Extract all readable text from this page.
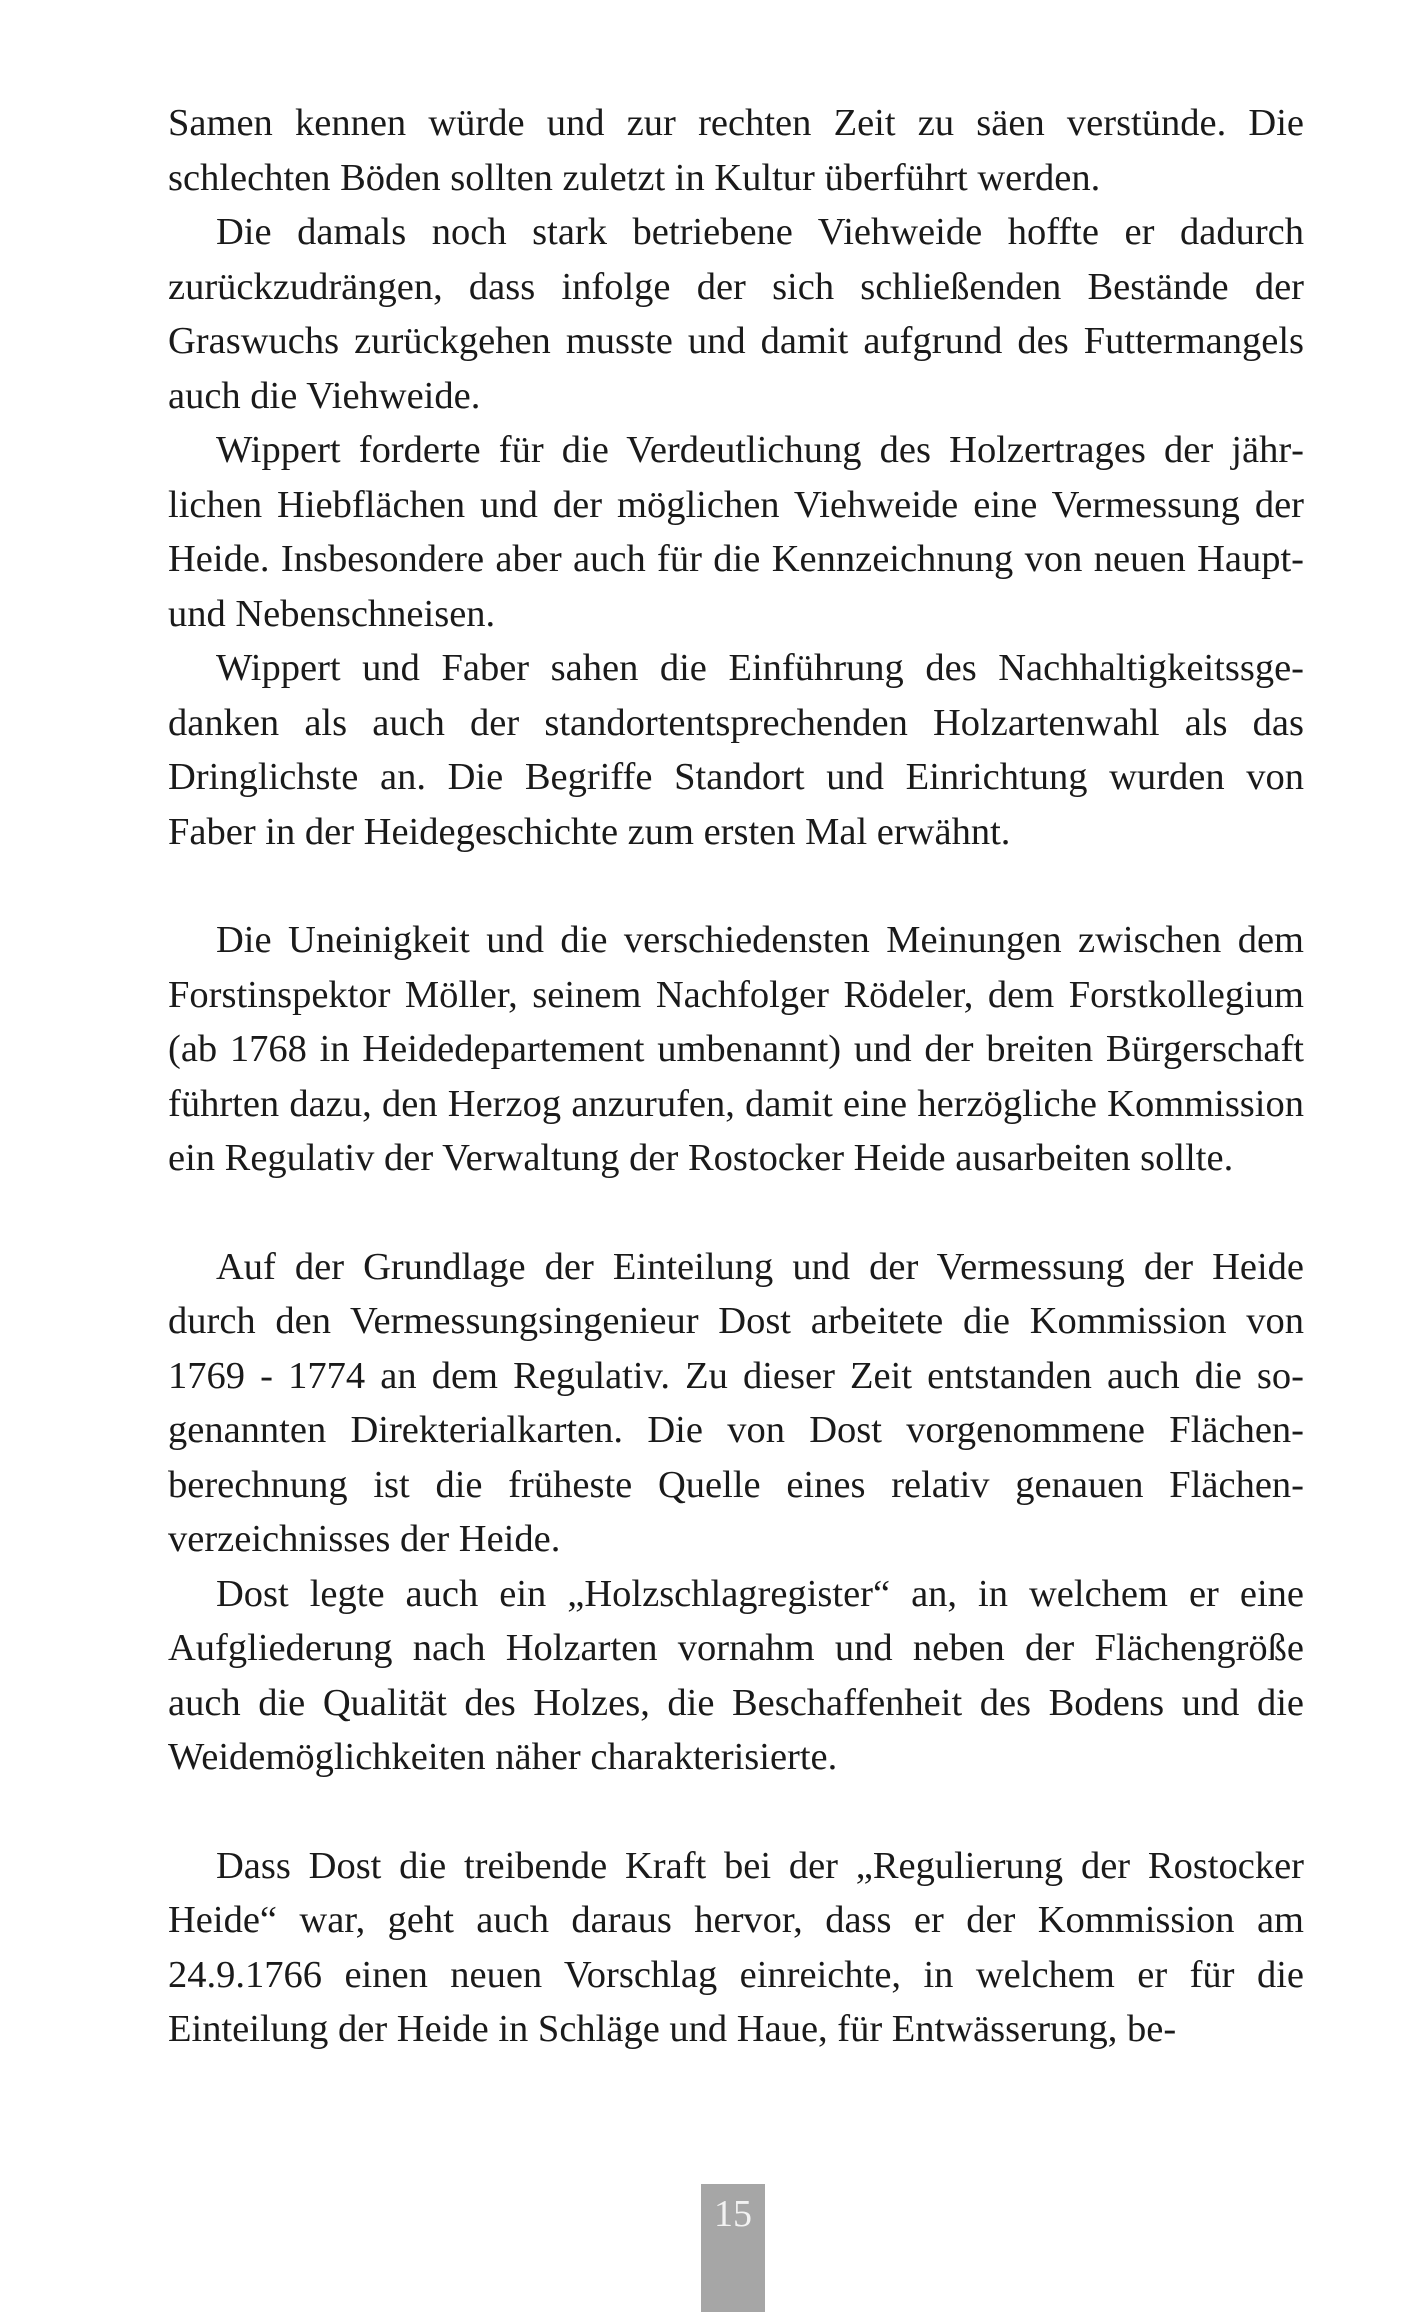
Samen kennen würde und zur rechten Zeit zu säen verstünde. Die schlechten Böden sollten zuletzt in Kultur überführt werden.

Die damals noch stark betriebene Viehweide hoffte er dadurch zurückzudrängen, dass infolge der sich schließenden Bestände der Graswuchs zurückgehen musste und damit aufgrund des Futtermangels auch die Viehweide.

Wippert forderte für die Verdeutlichung des Holzertrages der jährlichen Hiebflächen und der möglichen Viehweide eine Vermessung der Heide. Insbesondere aber auch für die Kennzeichnung von neuen Haupt- und Nebenschneisen.

Wippert und Faber sahen die Einführung des Nachhaltigkeitssgedanken als auch der standortentsprechenden Holzartenwahl als das Dringlichste an. Die Begriffe Standort und Einrichtung wurden von Faber in der Heidegeschichte zum ersten Mal erwähnt.

Die Uneinigkeit und die verschiedensten Meinungen zwischen dem Forstinspektor Möller, seinem Nachfolger Rödeler, dem Forstkollegium (ab 1768 in Heidedepartement umbenannt) und der breiten Bürgerschaft führten dazu, den Herzog anzurufen, damit eine herzögliche Kommission ein Regulativ der Verwaltung der Rostocker Heide ausarbeiten sollte.

Auf der Grundlage der Einteilung und der Vermessung der Heide durch den Vermessungsingenieur Dost arbeitete die Kommission von 1769 - 1774 an dem Regulativ. Zu dieser Zeit entstanden auch die sogenannten Direkterialkarten. Die von Dost vorgenommene Flächenberechnung ist die früheste Quelle eines relativ genauen Flächenverzeichnisses der Heide.

Dost legte auch ein „Holzschlagregister“ an, in welchem er eine Aufgliederung nach Holzarten vornahm und neben der Flächengröße auch die Qualität des Holzes, die Beschaffenheit des Bodens und die Weidemöglichkeiten näher charakterisierte.

Dass Dost die treibende Kraft bei der „Regulierung der Rostocker Heide“ war, geht auch daraus hervor, dass er der Kommission am 24.9.1766 einen neuen Vorschlag einreichte, in welchem er für die Einteilung der Heide in Schläge und Haue, für Entwässerung, be-

15
